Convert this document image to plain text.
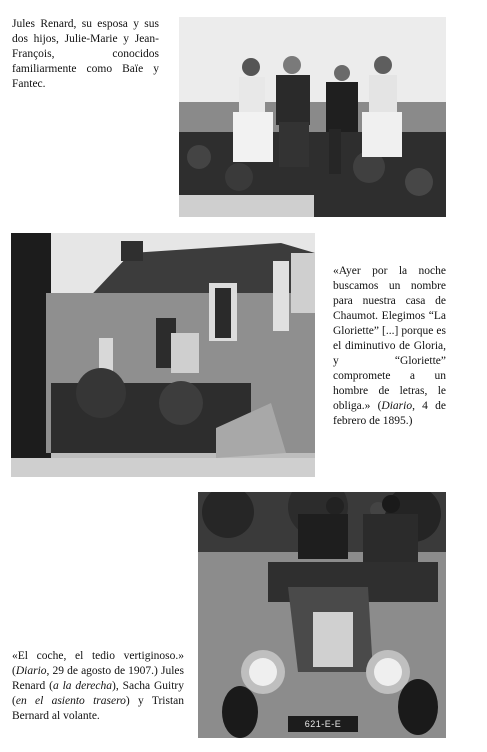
Jules Renard, su esposa y sus dos hijos, Julie-Marie y Jean-François, conocidos familiarmente como Baïe y Fantec.
«Ayer por la noche buscamos un nombre para nuestra casa de Chaumot. Elegimos “La Gloriette” [...] porque es el diminutivo de Gloria, y “Gloriette” compromete a un hombre de letras, le obliga.» (Diario, 4 de febrero de 1895.)
621-E-E
«El coche, el tedio vertiginoso.» (Diario, 29 de agosto de 1907.) Jules Renard (a la derecha), Sacha Guitry (en el asiento trasero) y Tristan Bernard al volante.
